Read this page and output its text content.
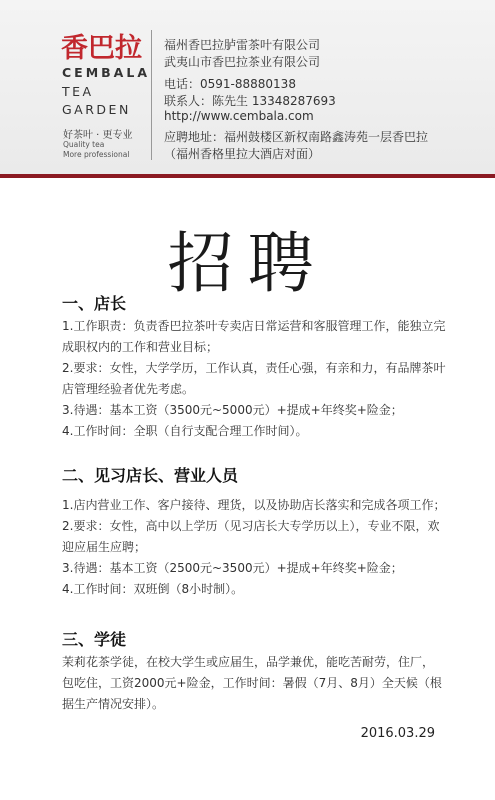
香巴拉
CEMBALA
TEA
GARDEN
好茶叶 · 更专业
Quality tea
More professional
福州香巴拉胪雷茶叶有限公司
武夷山市香巴拉茶业有限公司
电话：0591-88880138
联系人：陈先生 13348287693
http://www.cembala.com
应聘地址：福州鼓楼区新权南路鑫涛苑一层香巴拉
（福州香格里拉大酒店对面）
招聘
一、店长
1.工作职责：负责香巴拉茶叶专卖店日常运营和客服管理工作，能独立完
成职权内的工作和营业目标；
2.要求：女性，大学学历，工作认真，责任心强，有亲和力，有品牌茶叶
店管理经验者优先考虑。
3.待遇：基本工资（3500元~5000元）+提成+年终奖+险金；
4.工作时间：全职（自行支配合理工作时间）。
二、见习店长、营业人员
1.店内营业工作、客户接待、理货，以及协助店长落实和完成各项工作；
2.要求：女性，高中以上学历（见习店长大专学历以上），专业不限，欢
迎应届生应聘；
3.待遇：基本工资（2500元~3500元）+提成+年终奖+险金；
4.工作时间：双班倒（8小时制）。
三、学徒
茉莉花茶学徒，在校大学生或应届生，品学兼优，能吃苦耐劳，住厂，
包吃住，工资2000元+险金，工作时间：暑假（7月、8月）全天候（根
据生产情况安排）。
2016.03.29
